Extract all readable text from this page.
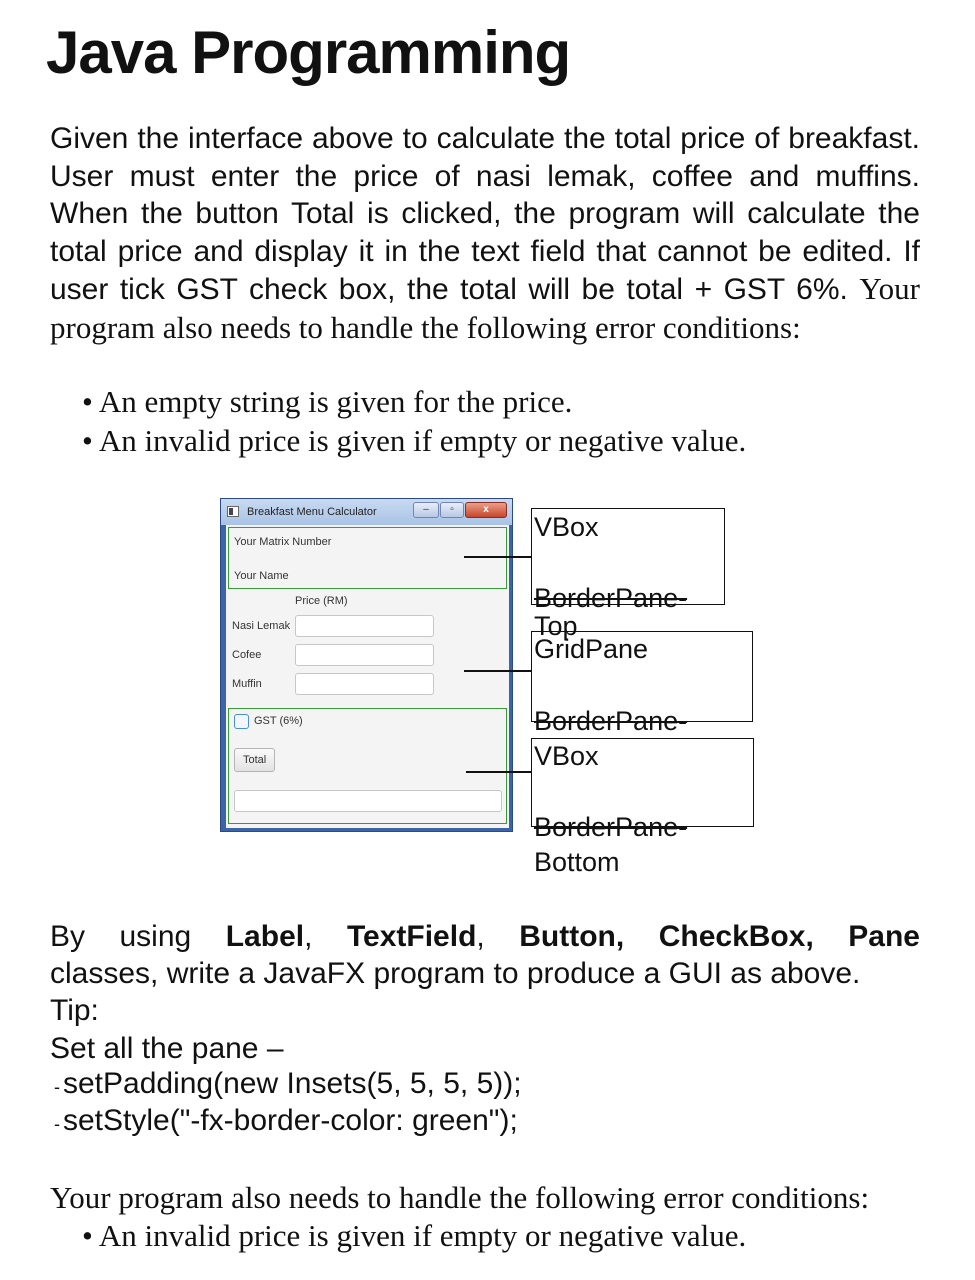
Java Programming

Given the interface above to calculate the total price of breakfast. User must enter the price of nasi lemak, coffee and muffins. When the button Total is clicked, the program will calculate the total price and display it in the text field that cannot be edited. If user tick GST check box, the total will be total + GST 6%. Your program also needs to handle the following error conditions:

• An empty string is given for the price.
• An invalid price is given if empty or negative value.
Breakfast Menu Calculator	–	▫	x
Your Matrix Number
Your Name
Price (RM)
Nasi Lemak
Cofee
Muffin
GST (6%)
Total
VBox
BorderPane-
Top
GridPane
BorderPane-
VBox
BorderPane-
Bottom
By using Label, TextField, Button, CheckBox, Pane
classes, write a JavaFX program to produce a GUI as above.
Tip:
Set all the pane –
- setPadding(new Insets(5, 5, 5, 5));
- setStyle("-fx-border-color: green");
Your program also needs to handle the following error conditions:
• An invalid price is given if empty or negative value.
